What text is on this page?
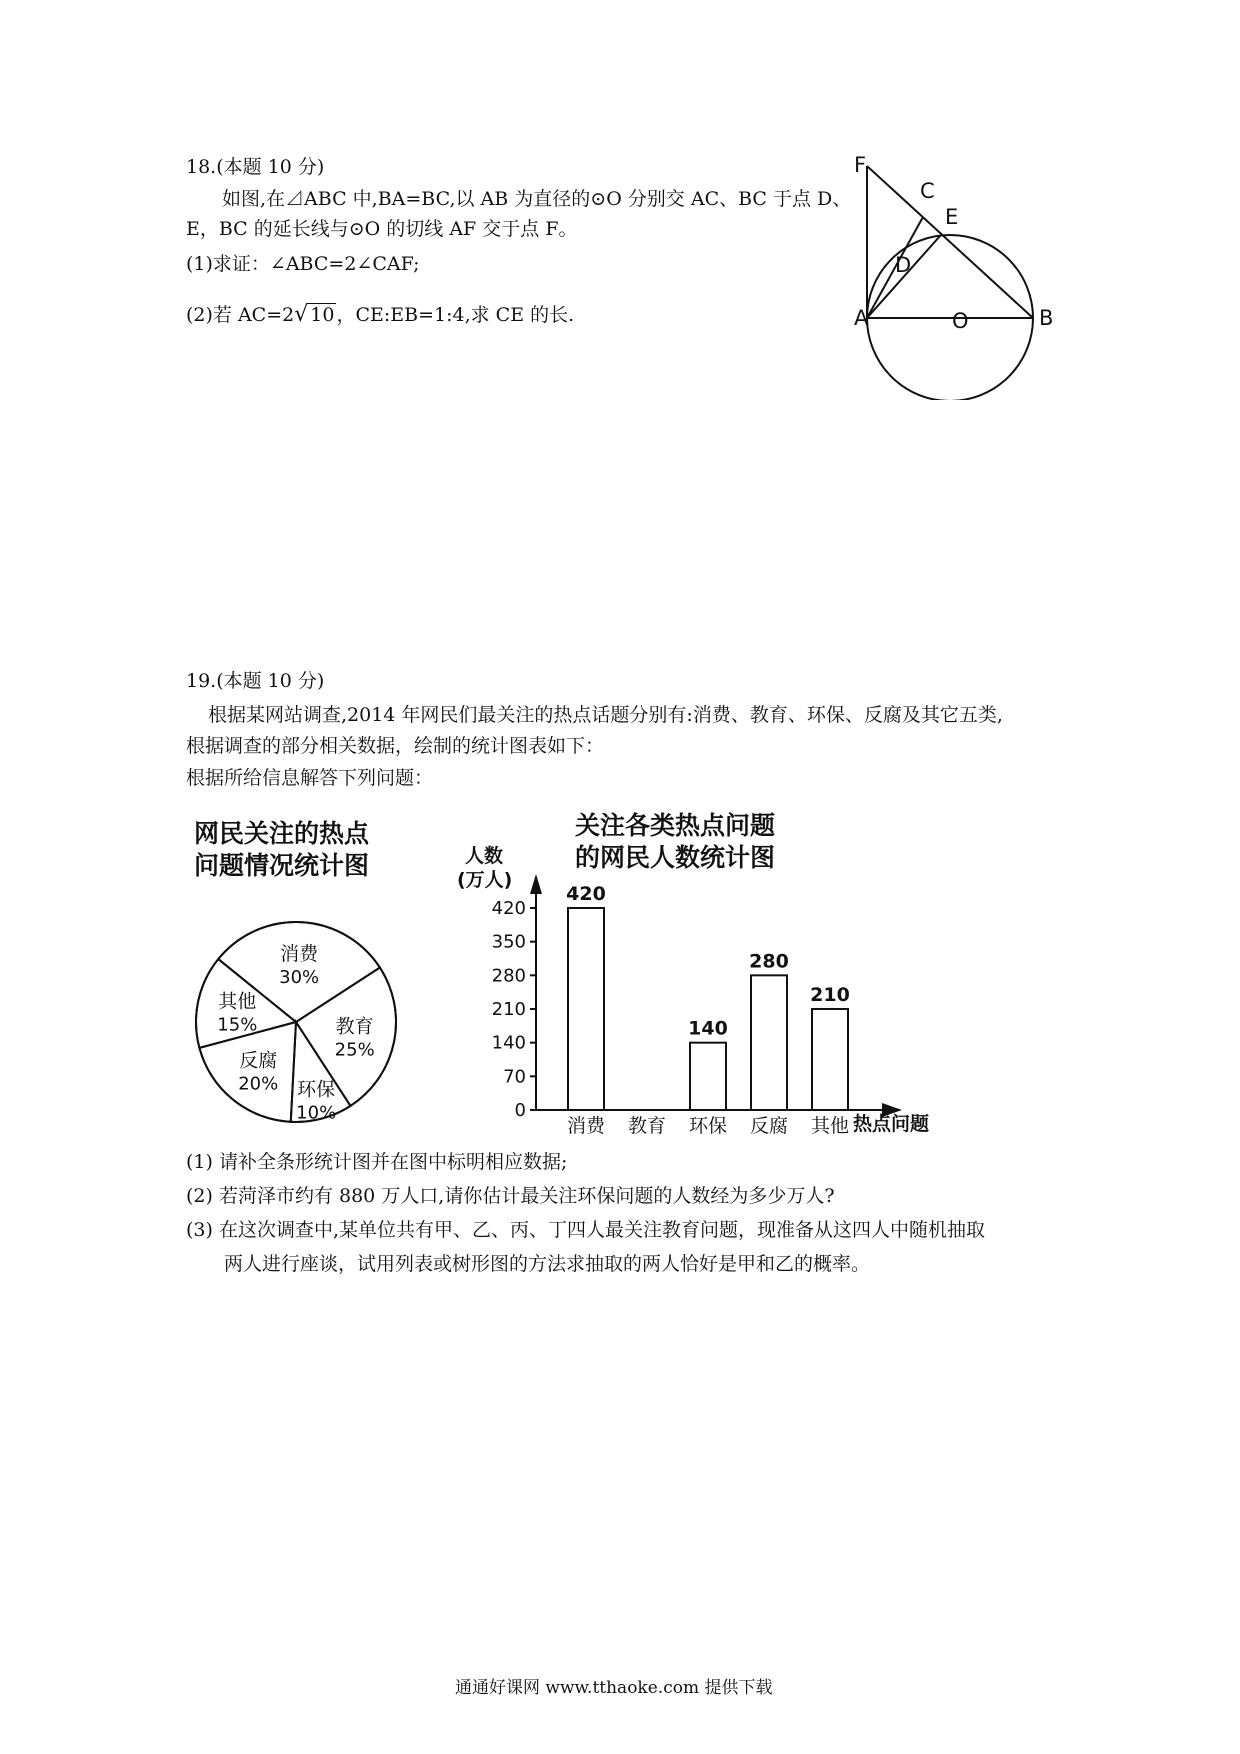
18.(本题 10 分)
如图,在⊿ABC 中,BA=BC,以 AB 为直径的⊙O 分别交 AC、BC 于点 D、
E，BC 的延长线与⊙O 的切线 AF 交于点 F。
(1)求证：∠ABC=2∠CAF;
(2)若 AC=2√ 10 ，CE:EB=1:4,求 CE 的长.
F
C
E
D
A	O	B
19.(本题 10 分)
根据某网站调查,2014 年网民们最关注的热点话题分别有:消费、教育、环保、反腐及其它五类,
根据调查的部分相关数据，绘制的统计图表如下：
根据所给信息解答下列问题：
网民关注的热点
问题情况统计图
消费
30%
教育
25%
环保
10%
反腐
20%
其他
15%
关注各类热点问题
的网民人数统计图
人数
(万人)
热点问题
0
70
140
210
280
350
420
420
140
280
210
消费 教育 环保 反腐 其他
(1) 请补全条形统计图并在图中标明相应数据;
(2) 若菏泽市约有 880 万人口,请你估计最关注环保问题的人数经为多少万人?
(3) 在这次调查中,某单位共有甲、乙、丙、丁四人最关注教育问题，现准备从这四人中随机抽取
两人进行座谈，试用列表或树形图的方法求抽取的两人恰好是甲和乙的概率。
通通好课网 www.tthaoke.com 提供下载
